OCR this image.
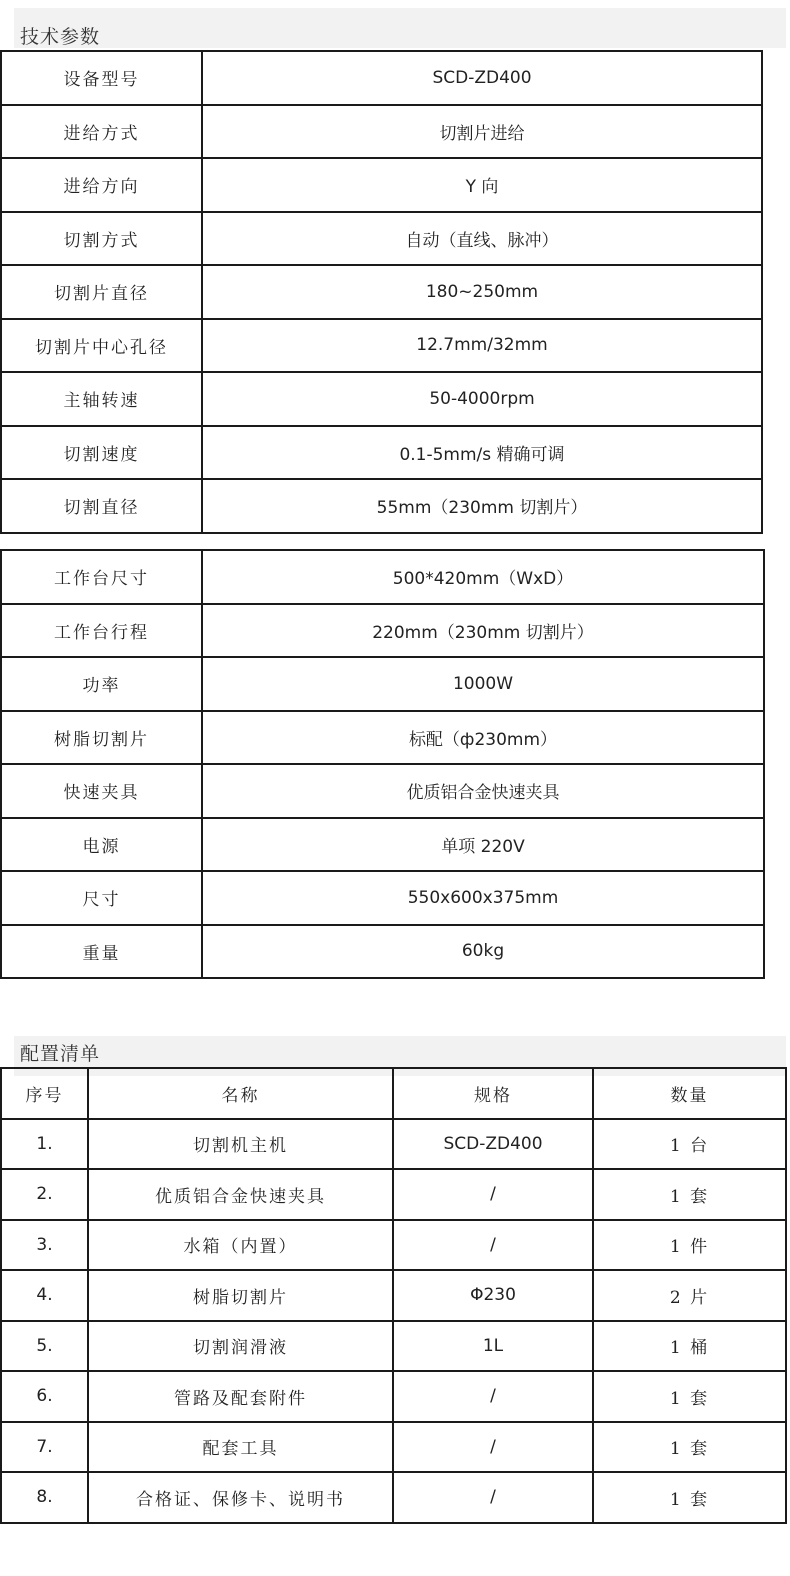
技术参数
设备型号	SCD-ZD400
进给方式	切割片进给
进给方向	Y 向
切割方式	自动（直线、脉冲）
切割片直径	180~250mm
切割片中心孔径	12.7mm/32mm
主轴转速	50-4000rpm
切割速度	0.1-5mm/s 精确可调
切割直径	55mm（230mm 切割片）
工作台尺寸	500*420mm（WxD）
工作台行程	220mm（230mm 切割片）
功率	1000W
树脂切割片	标配（ф230mm）
快速夹具	优质铝合金快速夹具
电源	单项 220V
尺寸	550x600x375mm
重量	60kg
配置清单
序号	名称	规格	数量
1.	切割机主机	SCD-ZD400	1 台
2.	优质铝合金快速夹具	/	1 套
3.	水箱（内置）	/	1 件
4.	树脂切割片	Φ230	2 片
5.	切割润滑液	1L	1 桶
6.	管路及配套附件	/	1 套
7.	配套工具	/	1 套
8.	合格证、保修卡、说明书	/	1 套
